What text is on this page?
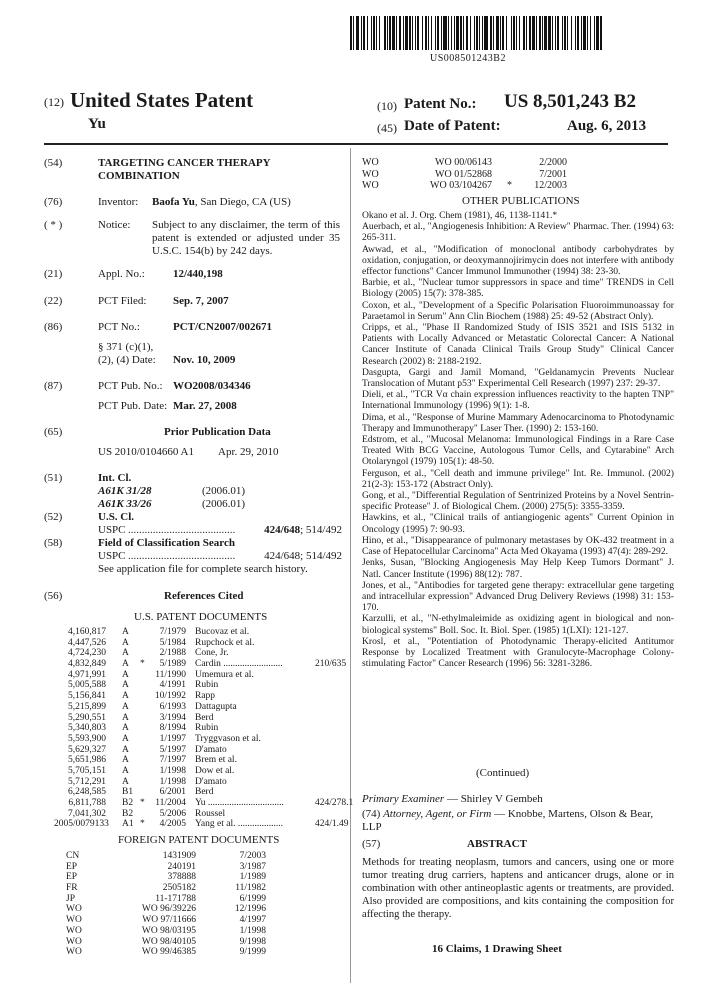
US008501243B2
(12) United States Patent
Yu
(10) Patent No.: US 8,501,243 B2
(45) Date of Patent:	Aug. 6, 2013
(54)	TARGETING CANCER THERAPY COMBINATION
(76)	Inventor: Baofa Yu, San Diego, CA (US)
( * )	Notice: Subject to any disclaimer, the term of this patent is extended or adjusted under 35 U.S.C. 154(b) by 242 days.
(21)	Appl. No.:	12/440,198
(22)	PCT Filed: Sep. 7, 2007
(86)	PCT No.:	PCT/CN2007/002671
§ 371 (c)(1),
(2), (4) Date: Nov. 10, 2009
(87)	PCT Pub. No.: WO2008/034346
PCT Pub. Date: Mar. 27, 2008
(65)	Prior Publication Data
US 2010/0104660 A1 Apr. 29, 2010
(51)	Int. Cl.
A61K 31/28	(2006.01)
A61K 33/26	(2006.01)
(52)	U.S. Cl.
USPC .......................................	424/648; 514/492
(58)	Field of Classification Search
USPC .......................................	424/648; 514/492
See application file for complete search history.
(56)	References Cited
U.S. PATENT DOCUMENTS
4,160,817 A	7/1979 Bucovaz et al.
4,447,526 A	5/1984 Rupchock et al.
4,724,230 A	2/1988 Cone, Jr.
4,832,849 A *	5/1989 Cardin .........................	210/635
4,971,991 A	11/1990 Umemura et al.
5,005,588 A	4/1991 Rubin
5,156,841 A	10/1992 Rapp
5,215,899 A	6/1993 Dattagupta
5,290,551 A	3/1994 Berd
5,340,803 A	8/1994 Rubin
5,593,900 A	1/1997 Tryggvason et al.
5,629,327 A	5/1997 D'amato
5,651,986 A	7/1997 Brem et al.
5,705,151 A	1/1998 Dow et al.
5,712,291 A	1/1998 D'amato
6,248,585 B1	6/2001 Berd
6,811,788 B2 *	11/2004 Yu ................................	424/278.1
7,041,302 B2	5/2006 Roussel
2005/0079133 A1 *	4/2005 Yang et al. ...................	424/1.49
FOREIGN PATENT DOCUMENTS
CN	1431909	7/2003
EP	240191	3/1987
EP	378888	1/1989
FR	2505182	11/1982
JP	11-171788	6/1999
WO	WO 96/39226	12/1996
WO	WO 97/11666	4/1997
WO	WO 98/03195	1/1998
WO	WO 98/40105	9/1998
WO	WO 99/46385	9/1999
WO	WO 00/06143	2/2000
WO	WO 01/52868	7/2001
WO	WO 03/104267 *	12/2003
OTHER PUBLICATIONS

Okano et al. J. Org. Chem (1981), 46, 1138-1141.*

Auerbach, et al., "Angiogenesis Inhibition: A Review" Pharmac. Ther. (1994) 63: 265-311.

Awwad, et al., "Modification of monoclonal antibody carbohydrates by oxidation, conjugation, or deoxymannojirimycin does not interfere with antibody effector functions" Cancer Immunol Immunother (1994) 38: 23-30.

Barbie, et al., "Nuclear tumor suppressors in space and time" TRENDS in Cell Biology (2005) 15(7): 378-385.

Coxon, et al., "Development of a Specific Polarisation Fluoroimmunoassay for Paraetamol in Serum" Ann Clin Biochem (1988) 25: 49-52 (Abstract Only).

Cripps, et al., "Phase II Randomized Study of ISIS 3521 and ISIS 5132 in Patients with Locally Advanced or Metastatic Colorectal Cancer: A National Cancer Institute of Canada Clinical Trails Group Study" Clinical Cancer Research (2002) 8: 2188-2192.

Dasgupta, Gargi and Jamil Momand, "Geldanamycin Prevents Nuclear Translocation of Mutant p53" Experimental Cell Research (1997) 237: 29-37.

Dieli, et al., "TCR Vα chain expression influences reactivity to the hapten TNP" International Immunology (1996) 9(1): 1-8.

Dima, et al., "Response of Murine Mammary Adenocarcinoma to Photodynamic Therapy and Immunotherapy" Laser Ther. (1990) 2: 153-160.

Edstrom, et al., "Mucosal Melanoma: Immunological Findings in a Rare Case Treated With BCG Vaccine, Autologous Tumor Cells, and Cytarabine" Arch Otolaryngol (1979) 105(1): 48-50.

Ferguson, et al., "Cell death and immune privilege" Int. Re. Immunol. (2002) 21(2-3): 153-172 (Abstract Only).

Gong, et al., "Differential Regulation of Sentrinized Proteins by a Novel Sentrin-specific Protease" J. of Biological Chem. (2000) 275(5): 3355-3359.

Hawkins, et al., "Clinical trails of antiangiogenic agents" Current Opinion in Oncology (1995) 7: 90-93.

Hino, et al., "Disappearance of pulmonary metastases by OK-432 treatment in a Case of Hepatocellular Carcinoma" Acta Med Okayama (1993) 47(4): 289-292.

Jenks, Susan, "Blocking Angiogenesis May Help Keep Tumors Dormant" J. Natl. Cancer Institute (1996) 88(12): 787.

Jones, et al., "Antibodies for targeted gene therapy: extracellular gene targeting and intracellular expression" Advanced Drug Delivery Reviews (1998) 31: 153-170.

Karzulli, et al., "N-ethylmaleimide as oxidizing agent in biological and non-biological systems" Boll. Soc. It. Biol. Sper. (1985) 1(LXI): 121-127.

Krosl, et al., "Potentiation of Photodynamic Therapy-elicited Antitumor Response by Localized Treatment with Granulocyte-Macrophage Colony-stimulating Factor" Cancer Research (1996) 56: 3281-3286.

(Continued)
Primary Examiner — Shirley V Gembeh
(74) Attorney, Agent, or Firm — Knobbe, Martens, Olson & Bear, LLP
(57)	ABSTRACT
Methods for treating neoplasm, tumors and cancers, using one or more tumor treating drug carriers, haptens and anticancer drugs, alone or in combination with other antineoplastic agents or treatments, are provided. Also provided are compositions, and kits containing the composition for affecting the therapy.
16 Claims, 1 Drawing Sheet
